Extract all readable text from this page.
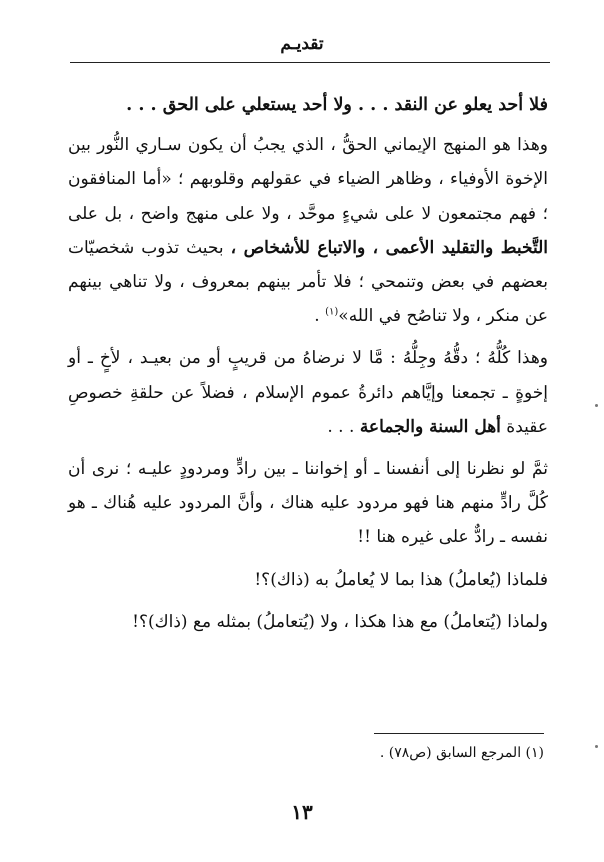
تقديـم

فلا أحد يعلو عن النقد . . . ولا أحد يستعلي على الحق . . .

وهذا هو المنهج الإيماني الحقُّ ، الذي يجبُ أن يكون سـاري النُّور بين الإخوة الأوفياء ، وظاهر الضياء في عقولهم وقلوبهم ؛ «أما المنافقون ؛ فهم مجتمعون لا على شيءٍ موحَّد ، ولا على منهج واضح ، بل على التَّخبط والتقليد الأعمى ، والاتباع للأشخاص ، بحيث تذوب شخصيّات بعضهم في بعض وتنمحي ؛ فلا تأمر بينهم بمعروف ، ولا تناهي بينهم عن منكر ، ولا تناصُح في الله»$^{(١)}$ .

وهذا كُلُّهُ ؛ دقُّهُ وجِلُّهُ : مَّا لا نرضاهُ من قريبٍ أو من بعيـد ، لأخٍ ـ أو إخوةٍ ـ تجمعنا وإيَّاهم دائرةُ عموم الإسلام ، فضلاً عن حلقةِ خصوصِ عقيدة أهل السنة والجماعة . . .

ثمَّ لو نظرنا إلى أنفسنا ـ أو إخواننا ـ بين رادٍّ ومردودٍ عليـه ؛ نرى أن كُلَّ رادٍّ منهم هنا فهو مردود عليه هناك ، وأنَّ المردود عليه هُناك ـ هو نفسه ـ رادٌّ على غيره هنا !!

فلماذا (يُعاملُ) هذا بما لا يُعاملُ به (ذاك)؟!

ولماذا (يُتعاملُ) مع هذا هكذا ، ولا (يُتعاملُ) بمثله مع (ذاك)؟!

(١) المرجع السابق (ص٧٨) .
١٣
